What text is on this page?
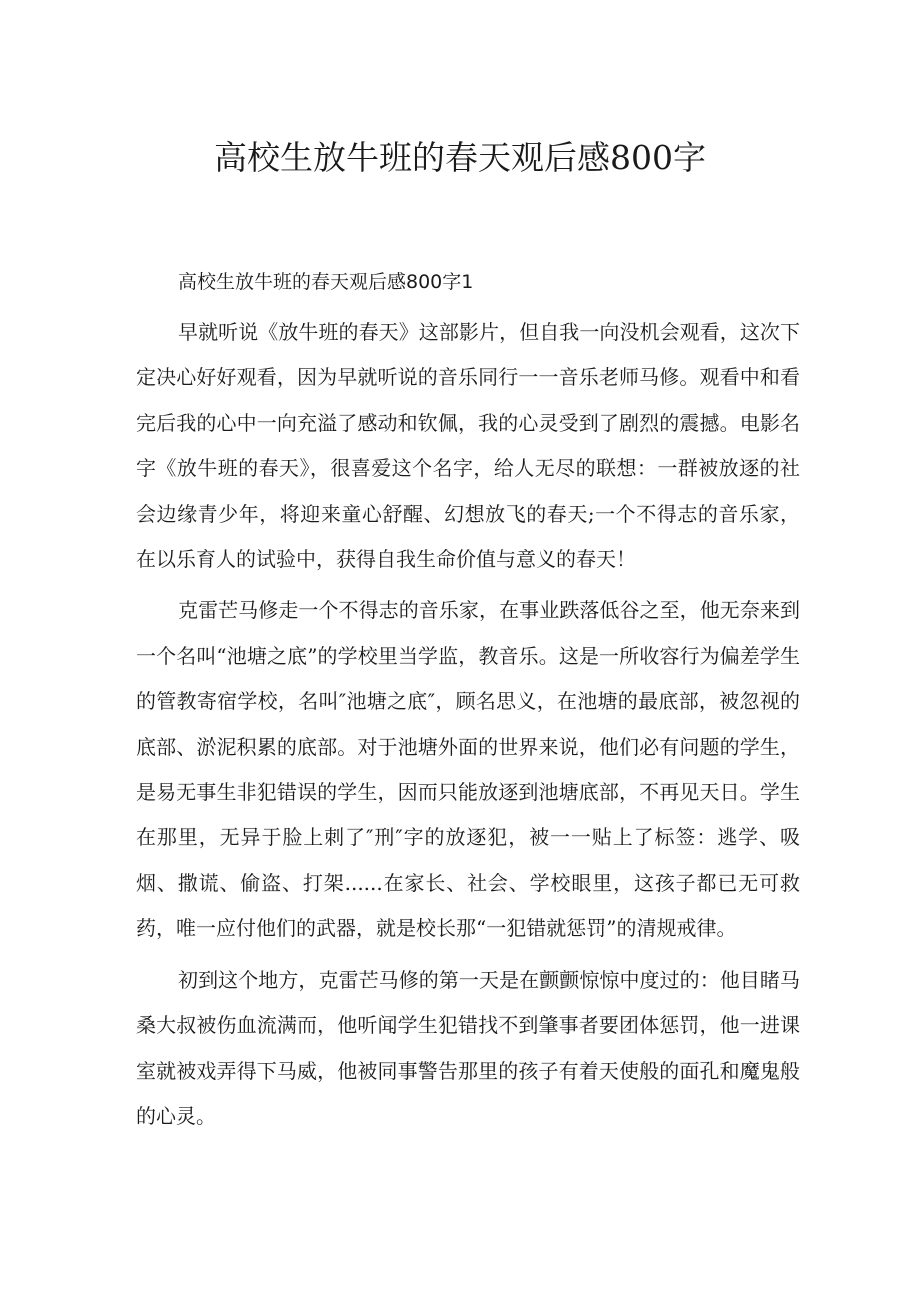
高校生放牛班的春天观后感800字

高校生放牛班的春天观后感800字1

早就听说《放牛班的春天》这部影片，但自我一向没机会观看，这次下定决心好好观看，因为早就听说的音乐同行一一音乐老师马修。观看中和看完后我的心中一向充溢了感动和钦佩，我的心灵受到了剧烈的震撼。电影名字《放牛班的春天》，很喜爱这个名字，给人无尽的联想：一群被放逐的社会边缘青少年，将迎来童心舒醒、幻想放飞的春天;一个不得志的音乐家，在以乐育人的试验中，获得自我生命价值与意义的春天！

克雷芒马修走一个不得志的音乐家，在事业跌落低谷之至，他无奈来到一个名叫“池塘之底”的学校里当学监，教音乐。这是一所收容行为偏差学生的管教寄宿学校，名叫″池塘之底″，顾名思义，在池塘的最底部，被忽视的底部、淤泥积累的底部。对于池塘外面的世界来说，他们必有问题的学生，是易无事生非犯错误的学生，因而只能放逐到池塘底部，不再见天日。学生在那里，无异于脸上刺了″刑″字的放逐犯，被一一贴上了标签：逃学、吸烟、撒谎、偷盗、打架......在家长、社会、学校眼里，这孩子都已无可救药，唯一应付他们的武器，就是校长那“一犯错就惩罚”的清规戒律。

初到这个地方，克雷芒马修的第一天是在颤颤惊惊中度过的：他目睹马桑大叔被伤血流满而，他听闻学生犯错找不到肇事者要团体惩罚，他一进课室就被戏弄得下马威，他被同事警告那里的孩子有着天使般的面孔和魔鬼般的心灵。
